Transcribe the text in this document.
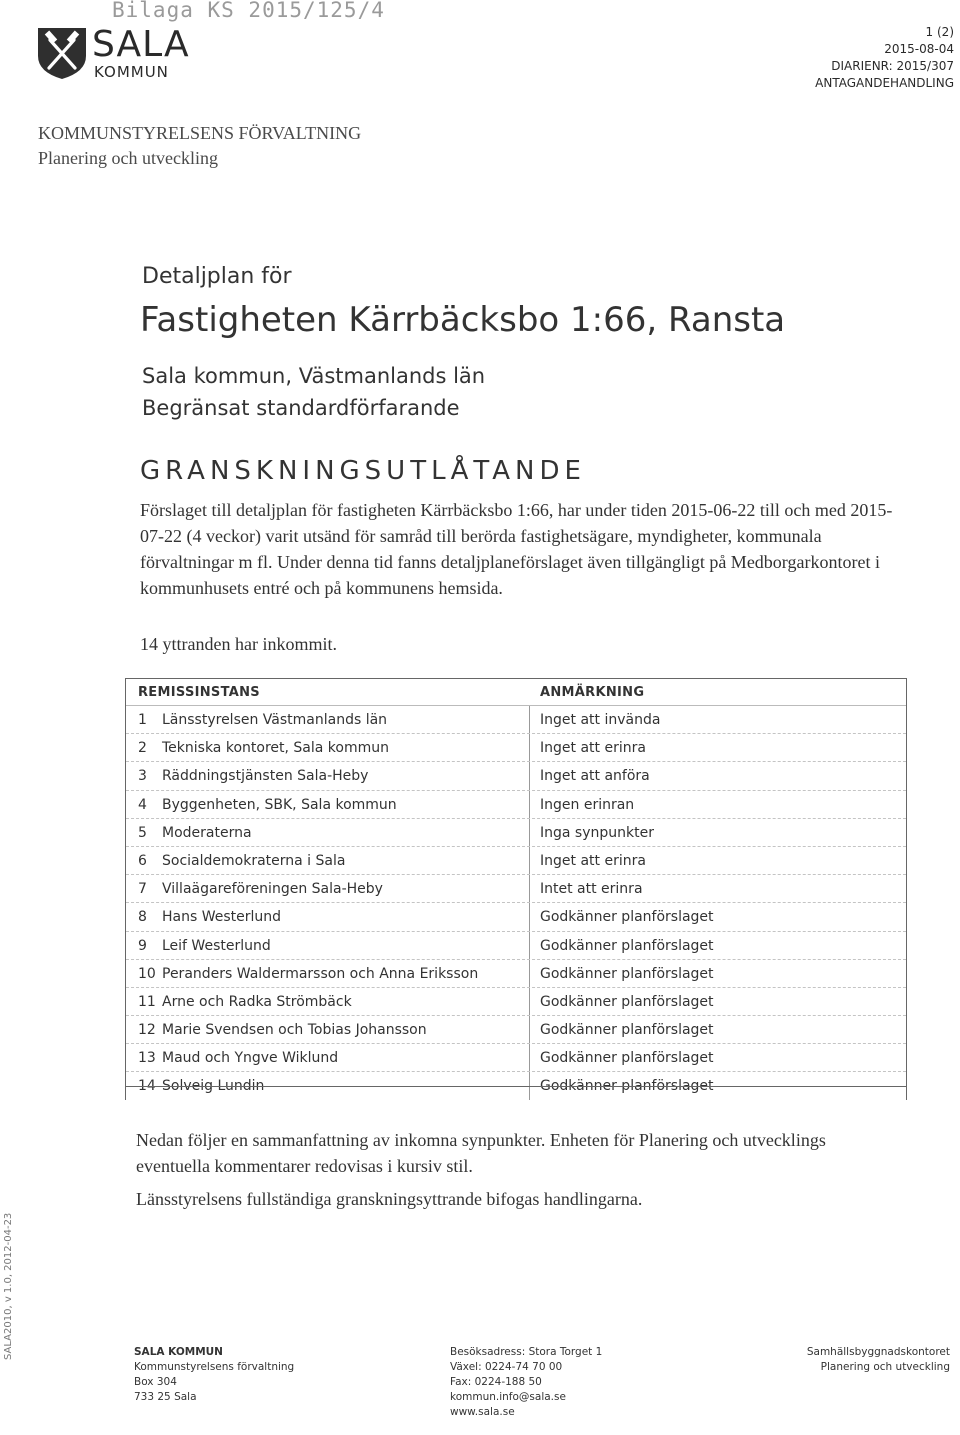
Bilaga KS 2015/125/4
SALA
KOMMUN
1 (2)
2015-08-04
DIARIENR: 2015/307
ANTAGANDEHANDLING
KOMMUNSTYRELSENS FÖRVALTNING
Planering och utveckling
Detaljplan för
Fastigheten Kärrbäcksbo 1:66, Ransta
Sala kommun, Västmanlands län
Begränsat standardförfarande
GRANSKNINGSUTLÅTANDE
Förslaget till detaljplan för fastigheten Kärrbäcksbo 1:66, har under tiden 2015-06-22 till och med 2015-07-22 (4 veckor) varit utsänd för samråd till berörda fastighetsägare, myndigheter, kommunala förvaltningar m fl. Under denna tid fanns detaljplaneförslaget även tillgängligt på Medborgarkontoret i kommunhusets entré och på kommunens hemsida.
14 yttranden har inkommit.
REMISSINSTANS	ANMÄRKNING
1 Länsstyrelsen Västmanlands län	Inget att invända
2 Tekniska kontoret, Sala kommun	Inget att erinra
3 Räddningstjänsten Sala-Heby	Inget att anföra
4 Byggenheten, SBK, Sala kommun	Ingen erinran
5 Moderaterna	Inga synpunkter
6 Socialdemokraterna i Sala	Inget att erinra
7 Villaägareföreningen Sala-Heby	Intet att erinra
8 Hans Westerlund	Godkänner planförslaget
9 Leif Westerlund	Godkänner planförslaget
10 Peranders Waldermarsson och Anna Eriksson	Godkänner planförslaget
11 Arne och Radka Strömbäck	Godkänner planförslaget
12 Marie Svendsen och Tobias Johansson	Godkänner planförslaget
13 Maud och Yngve Wiklund	Godkänner planförslaget
14 Solveig Lundin	Godkänner planförslaget
Nedan följer en sammanfattning av inkomna synpunkter. Enheten för Planering och utvecklings eventuella kommentarer redovisas i kursiv stil.
Länsstyrelsens fullständiga granskningsyttrande bifogas handlingarna.
SALA2010, v 1.0, 2012-04-23	SALA KOMMUN
Kommunstyrelsens förvaltning
Box 304
733 25 Sala
Besöksadress: Stora Torget 1
Växel: 0224-74 70 00
Fax: 0224-188 50
kommun.info@sala.se
www.sala.se
Samhällsbyggnadskontoret
Planering och utveckling
